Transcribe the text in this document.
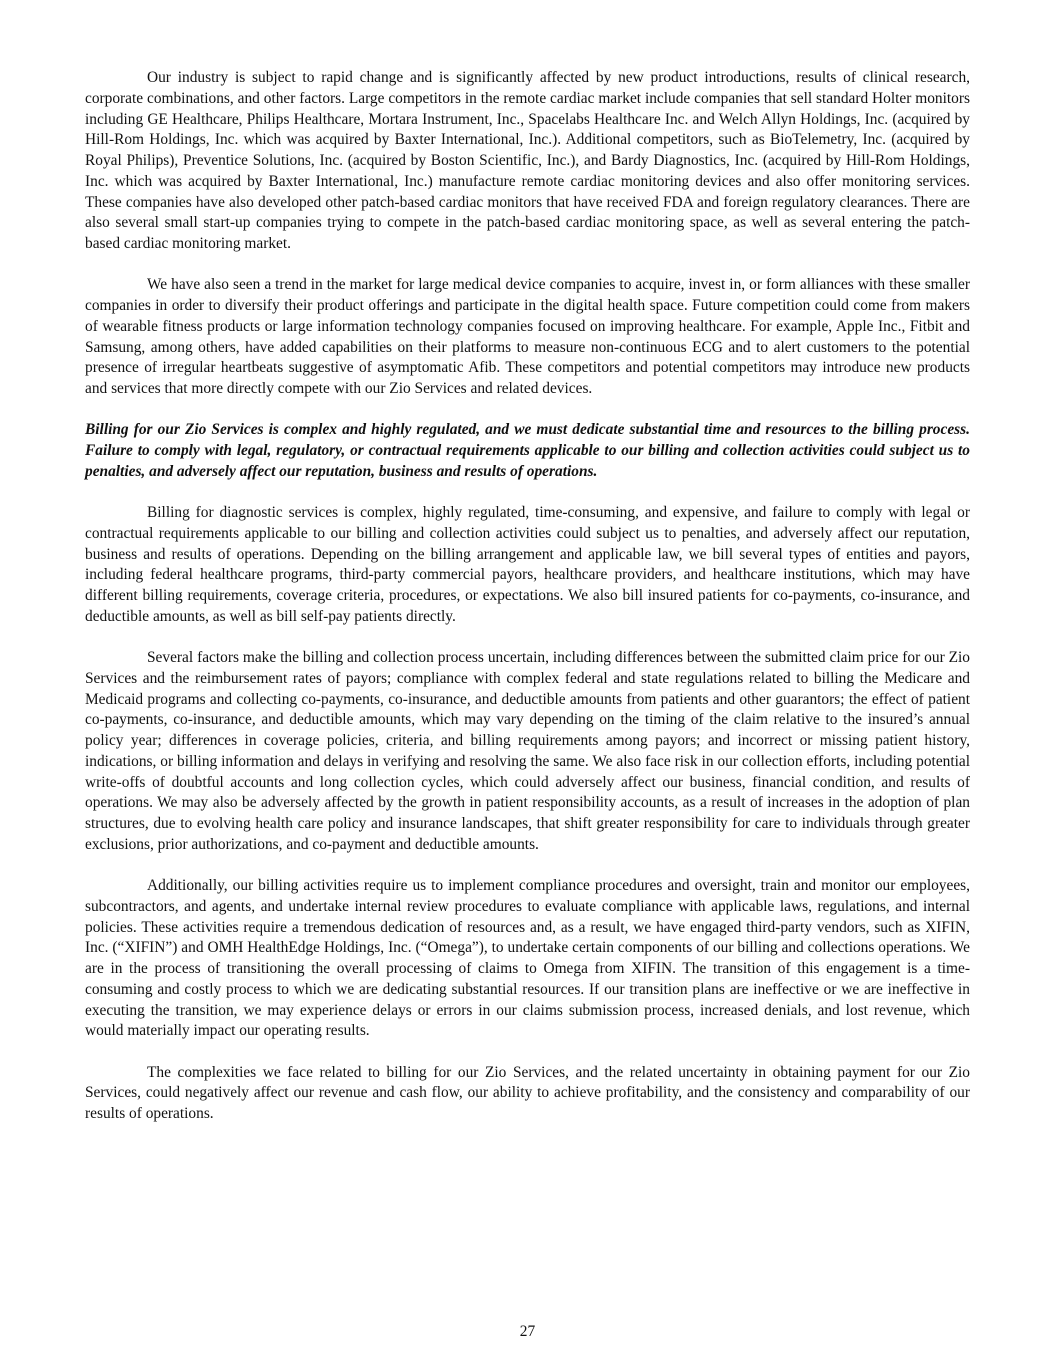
Our industry is subject to rapid change and is significantly affected by new product introductions, results of clinical research, corporate combinations, and other factors. Large competitors in the remote cardiac market include companies that sell standard Holter monitors including GE Healthcare, Philips Healthcare, Mortara Instrument, Inc., Spacelabs Healthcare Inc. and Welch Allyn Holdings, Inc. (acquired by Hill-Rom Holdings, Inc. which was acquired by Baxter International, Inc.). Additional competitors, such as BioTelemetry, Inc. (acquired by Royal Philips), Preventice Solutions, Inc. (acquired by Boston Scientific, Inc.), and Bardy Diagnostics, Inc. (acquired by Hill-Rom Holdings, Inc. which was acquired by Baxter International, Inc.) manufacture remote cardiac monitoring devices and also offer monitoring services. These companies have also developed other patch-based cardiac monitors that have received FDA and foreign regulatory clearances. There are also several small start-up companies trying to compete in the patch-based cardiac monitoring space, as well as several entering the patch-based cardiac monitoring market.

We have also seen a trend in the market for large medical device companies to acquire, invest in, or form alliances with these smaller companies in order to diversify their product offerings and participate in the digital health space. Future competition could come from makers of wearable fitness products or large information technology companies focused on improving healthcare. For example, Apple Inc., Fitbit and Samsung, among others, have added capabilities on their platforms to measure non-continuous ECG and to alert customers to the potential presence of irregular heartbeats suggestive of asymptomatic Afib. These competitors and potential competitors may introduce new products and services that more directly compete with our Zio Services and related devices.

Billing for our Zio Services is complex and highly regulated, and we must dedicate substantial time and resources to the billing process. Failure to comply with legal, regulatory, or contractual requirements applicable to our billing and collection activities could subject us to penalties, and adversely affect our reputation, business and results of operations.

Billing for diagnostic services is complex, highly regulated, time-consuming, and expensive, and failure to comply with legal or contractual requirements applicable to our billing and collection activities could subject us to penalties, and adversely affect our reputation, business and results of operations. Depending on the billing arrangement and applicable law, we bill several types of entities and payors, including federal healthcare programs, third-party commercial payors, healthcare providers, and healthcare institutions, which may have different billing requirements, coverage criteria, procedures, or expectations. We also bill insured patients for co-payments, co-insurance, and deductible amounts, as well as bill self-pay patients directly.

Several factors make the billing and collection process uncertain, including differences between the submitted claim price for our Zio Services and the reimbursement rates of payors; compliance with complex federal and state regulations related to billing the Medicare and Medicaid programs and collecting co-payments, co-insurance, and deductible amounts from patients and other guarantors; the effect of patient co-payments, co-insurance, and deductible amounts, which may vary depending on the timing of the claim relative to the insured’s annual policy year; differences in coverage policies, criteria, and billing requirements among payors; and incorrect or missing patient history, indications, or billing information and delays in verifying and resolving the same. We also face risk in our collection efforts, including potential write-offs of doubtful accounts and long collection cycles, which could adversely affect our business, financial condition, and results of operations. We may also be adversely affected by the growth in patient responsibility accounts, as a result of increases in the adoption of plan structures, due to evolving health care policy and insurance landscapes, that shift greater responsibility for care to individuals through greater exclusions, prior authorizations, and co-payment and deductible amounts.

Additionally, our billing activities require us to implement compliance procedures and oversight, train and monitor our employees, subcontractors, and agents, and undertake internal review procedures to evaluate compliance with applicable laws, regulations, and internal policies. These activities require a tremendous dedication of resources and, as a result, we have engaged third-party vendors, such as XIFIN, Inc. (“XIFIN”) and OMH HealthEdge Holdings, Inc. (“Omega”), to undertake certain components of our billing and collections operations. We are in the process of transitioning the overall processing of claims to Omega from XIFIN. The transition of this engagement is a time-consuming and costly process to which we are dedicating substantial resources. If our transition plans are ineffective or we are ineffective in executing the transition, we may experience delays or errors in our claims submission process, increased denials, and lost revenue, which would materially impact our operating results.

The complexities we face related to billing for our Zio Services, and the related uncertainty in obtaining payment for our Zio Services, could negatively affect our revenue and cash flow, our ability to achieve profitability, and the consistency and comparability of our results of operations.

27
